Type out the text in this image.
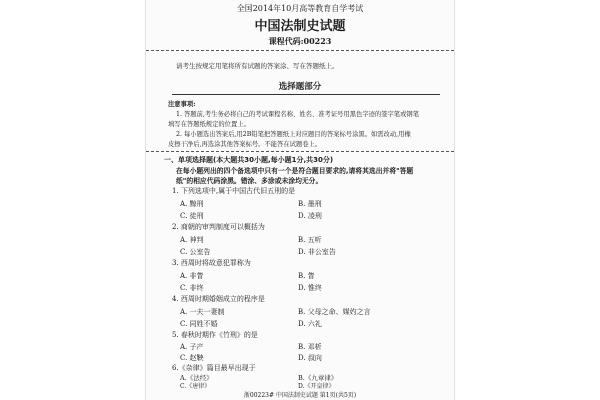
全国2014年10月高等教育自学考试
中国法制史试题
课程代码:00223
请考生按规定用笔将所有试题的答案涂、写在答题纸上。
选择题部分
注意事项:
1. 答题前,考生务必将自己的考试课程名称、姓名、准考证号用黑色字迹的签字笔或钢笔
填写在答题纸规定的位置上。
2. 每小题选出答案后,用2B铅笔把答题纸上对应题目的答案标号涂黑。如需改动,用橡
皮擦干净后,再选涂其他答案标号。不能答在试题卷上。
一、单项选择题(本大题共30小题,每小题1分,共30分)
在每小题列出的四个备选项中只有一个是符合题目要求的,请将其选出并将"答题
纸"的相应代码涂黑。错涂、多涂或未涂均无分。
1. 下列选项中,属于中国古代旧五刑的是
A. 黥刑	B. 墨刑
C. 徒刑	D. 凌刑
2. 商朝的审判制度可以概括为
A. 神判	B. 五听
C. 公室告	D. 非公室告
3. 西周时将故意犯罪称为
A. 非眚	B. 眚
C. 非终	D. 惟终
4. 西周时期婚姻成立的程序是
A. 一夫一妻制	B. 父母之命、媒妁之言
C. 同姓不婚	D. 六礼
5. 春秋时期作《竹刑》的是
A. 子产	B. 邓析
C. 赵鞅	D. 叔向
6.《杂律》篇目最早出现于
A.《法经》	B.《九章律》
C.《唐律》	D.《开皇律》
浙00223# 中国法制史试题 第1页(共5页)
